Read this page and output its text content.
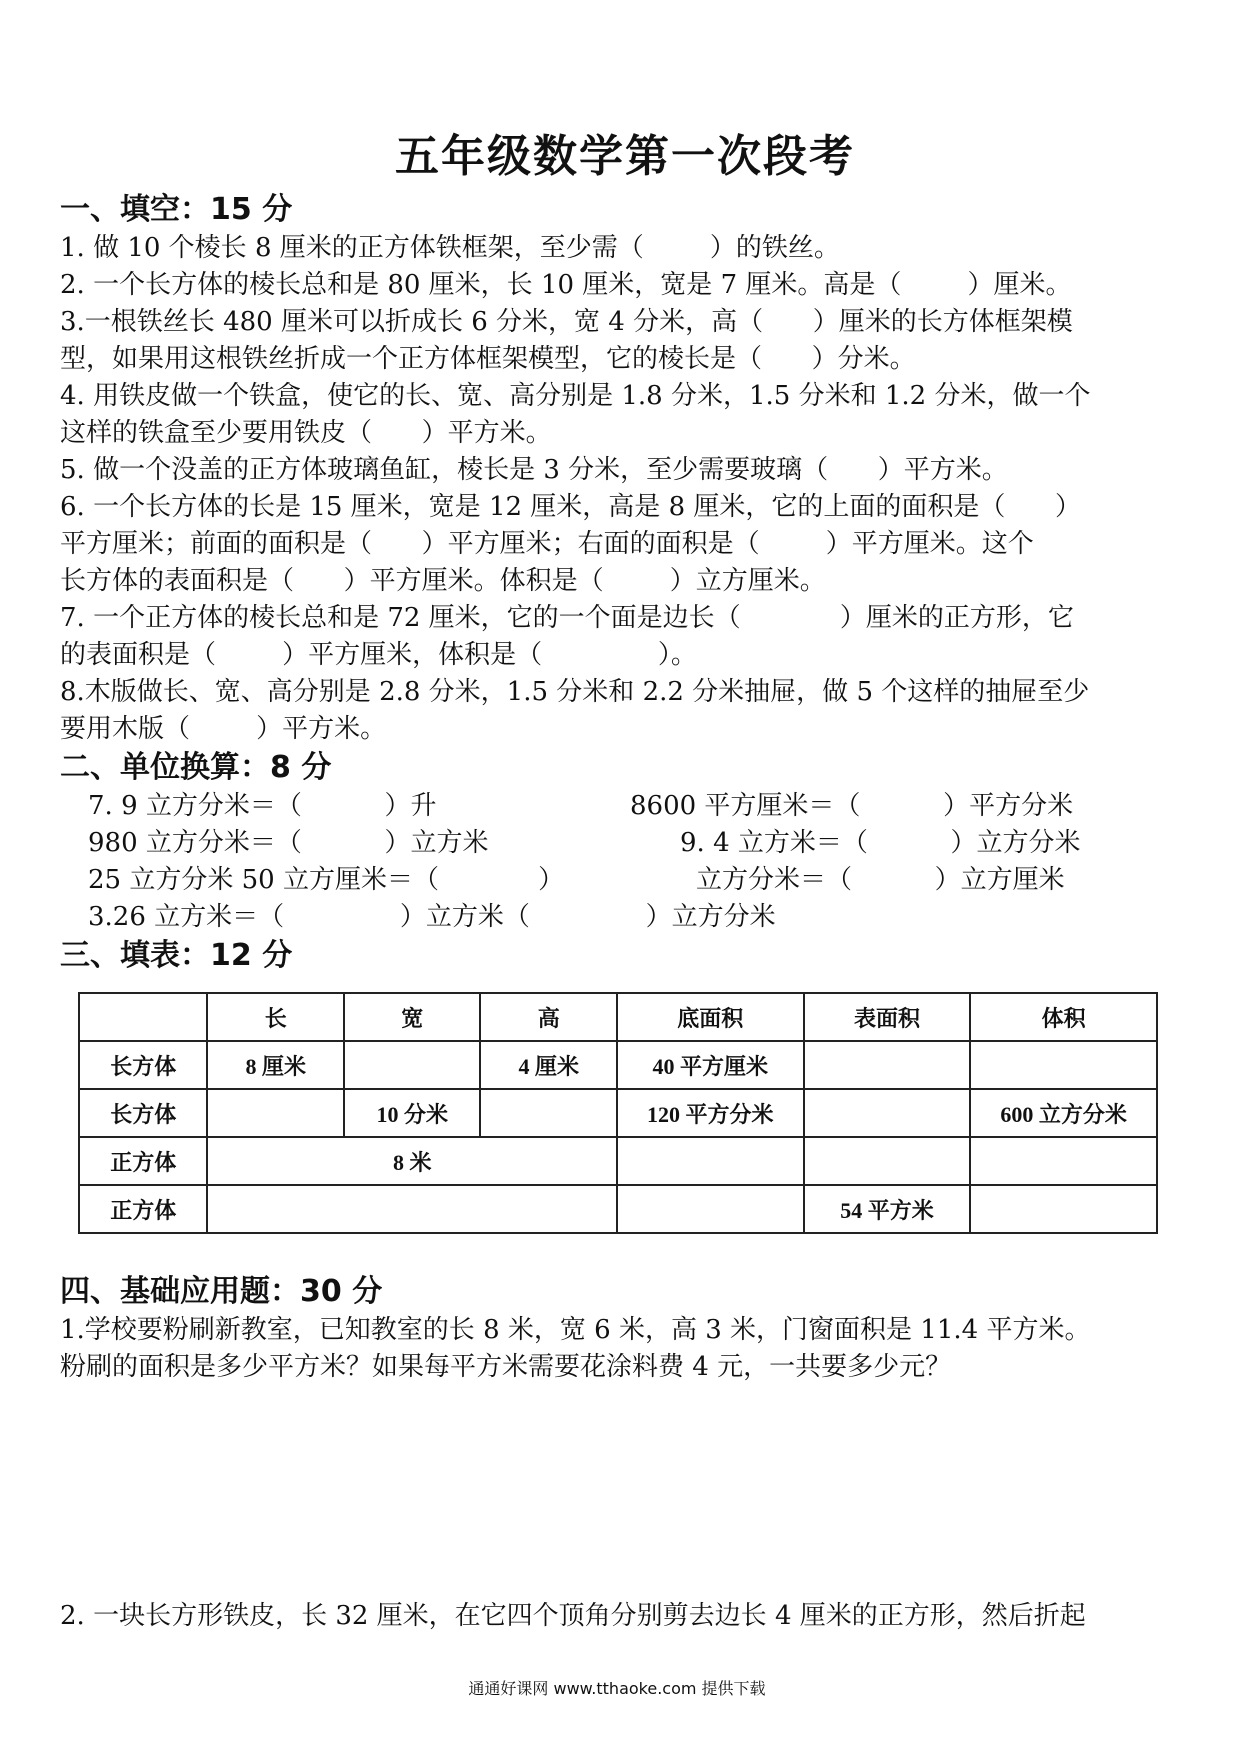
五年级数学第一次段考

一、填空：15 分

1. 做 10 个棱长 8 厘米的正方体铁框架，至少需（        ）的铁丝。

2. 一个长方体的棱长总和是 80 厘米，长 10 厘米，宽是 7 厘米。高是（        ）厘米。

3.一根铁丝长 480 厘米可以折成长 6 分米，宽 4 分米，高（      ）厘米的长方体框架模

型，如果用这根铁丝折成一个正方体框架模型，它的棱长是（      ）分米。

4. 用铁皮做一个铁盒，使它的长、宽、高分别是 1.8 分米，1.5 分米和 1.2 分米，做一个

这样的铁盒至少要用铁皮（      ）平方米。

5. 做一个没盖的正方体玻璃鱼缸，棱长是 3 分米，至少需要玻璃（      ）平方米。

6. 一个长方体的长是 15 厘米，宽是 12 厘米，高是 8 厘米，它的上面的面积是（      ）

平方厘米；前面的面积是（      ）平方厘米；右面的面积是（        ）平方厘米。这个

长方体的表面积是（      ）平方厘米。体积是（        ）立方厘米。

7. 一个正方体的棱长总和是 72 厘米，它的一个面是边长（            ）厘米的正方形，它

的表面积是（        ）平方厘米，体积是（              ）。

8.木版做长、宽、高分别是 2.8 分米，1.5 分米和 2.2 分米抽屉，做 5 个这样的抽屉至少

要用木版（        ）平方米。

二、单位换算：8 分

7. 9 立方分米＝（          ）升	8600 平方厘米＝（          ）平方分米
980 立方分米＝（          ）立方米	9. 4 立方米＝（          ）立方分米
25 立方分米 50 立方厘米＝（            ）	立方分米＝（          ）立方厘米
3.26 立方米＝（              ）立方米（              ）立方分米

三、填表：12 分

	长	宽	高	底面积	表面积	体积
长方体	8 厘米		4 厘米	40 平方厘米		
长方体		10 分米		120 平方分米		600 立方分米
正方体	8 米					
正方体					54 平方米	

四、基础应用题：30 分

1.学校要粉刷新教室，已知教室的长 8 米，宽 6 米，高 3 米，门窗面积是 11.4 平方米。

粉刷的面积是多少平方米？如果每平方米需要花涂料费 4 元，一共要多少元？

2. 一块长方形铁皮，长 32 厘米，在它四个顶角分别剪去边长 4 厘米的正方形，然后折起

通通好课网 www.tthaoke.com 提供下载
